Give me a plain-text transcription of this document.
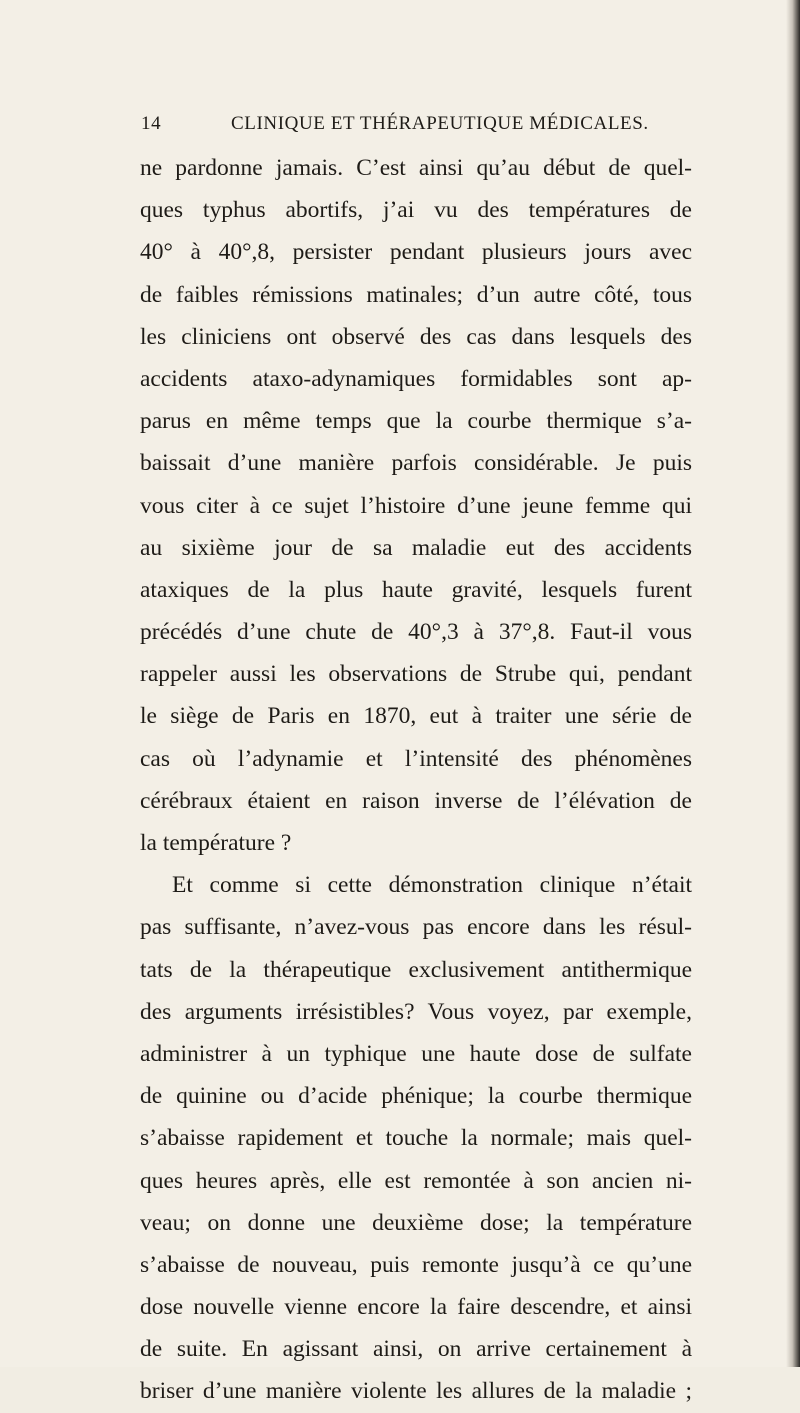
14	CLINIQUE ET THÉRAPEUTIQUE MÉDICALES.
ne pardonne jamais. C’est ainsi qu’au début de quel-
ques typhus abortifs, j’ai vu des températures de
40° à 40°,8, persister pendant plusieurs jours avec
de faibles rémissions matinales; d’un autre côté, tous
les cliniciens ont observé des cas dans lesquels des
accidents ataxo-adynamiques formidables sont ap-
parus en même temps que la courbe thermique s’a-
baissait d’une manière parfois considérable. Je puis
vous citer à ce sujet l’histoire d’une jeune femme qui
au sixième jour de sa maladie eut des accidents
ataxiques de la plus haute gravité, lesquels furent
précédés d’une chute de 40°,3 à 37°,8. Faut-il vous
rappeler aussi les observations de Strube qui, pendant
le siège de Paris en 1870, eut à traiter une série de
cas où l’adynamie et l’intensité des phénomènes
cérébraux étaient en raison inverse de l’élévation de
la température ?
Et comme si cette démonstration clinique n’était
pas suffisante, n’avez-vous pas encore dans les résul-
tats de la thérapeutique exclusivement antithermique
des arguments irrésistibles? Vous voyez, par exemple,
administrer à un typhique une haute dose de sulfate
de quinine ou d’acide phénique; la courbe thermique
s’abaisse rapidement et touche la normale; mais quel-
ques heures après, elle est remontée à son ancien ni-
veau; on donne une deuxième dose; la température
s’abaisse de nouveau, puis remonte jusqu’à ce qu’une
dose nouvelle vienne encore la faire descendre, et ainsi
de suite. En agissant ainsi, on arrive certainement à
briser d’une manière violente les allures de la maladie ;
